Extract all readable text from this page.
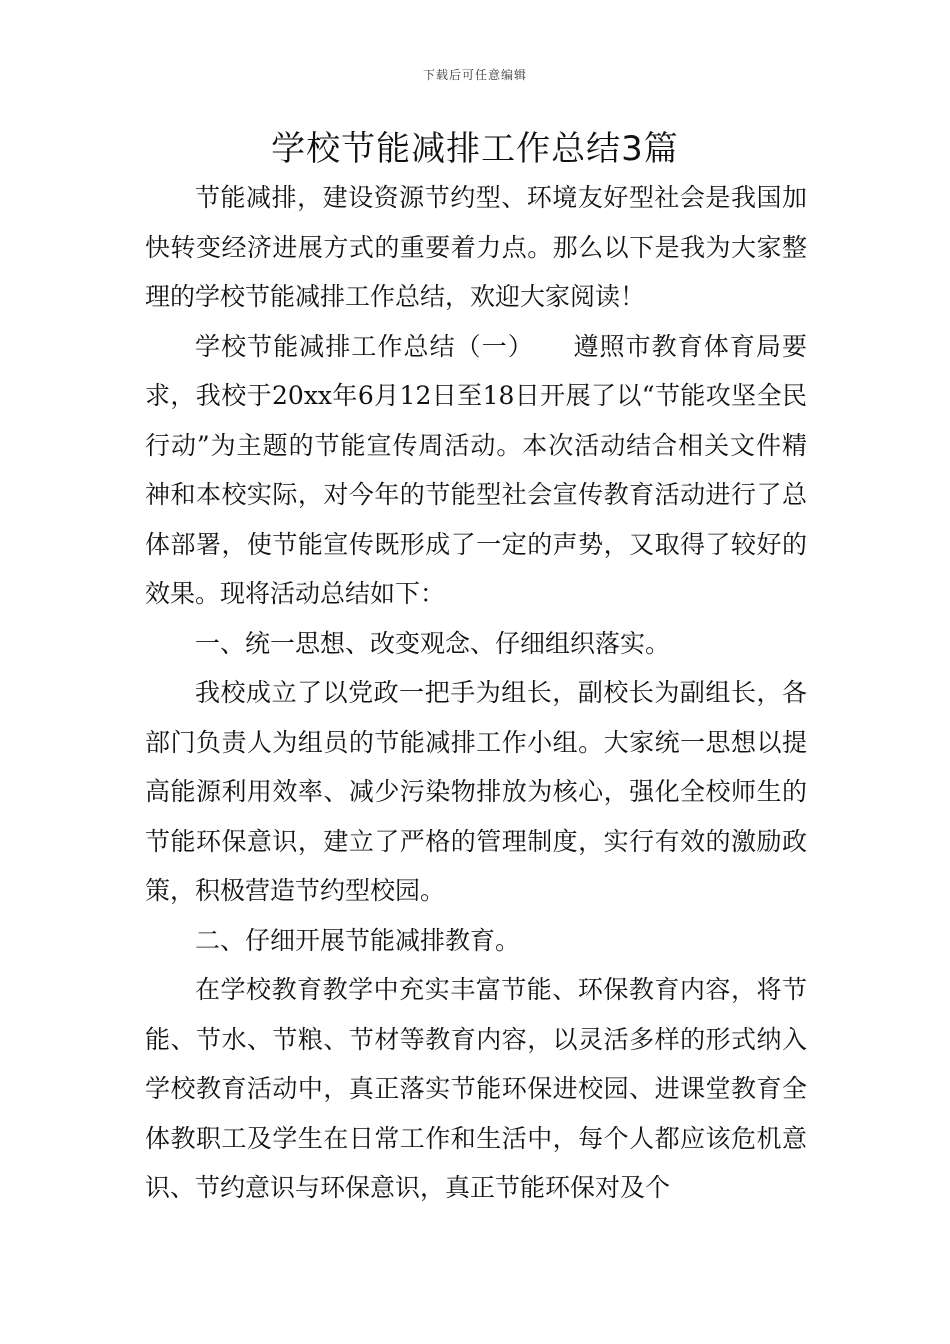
下载后可任意编辑
学校节能减排工作总结3篇

节能减排，建设资源节约型、环境友好型社会是我国加快转变经济进展方式的重要着力点。那么以下是我为大家整理的学校节能减排工作总结，欢迎大家阅读！

学校节能减排工作总结（一）　　遵照市教育体育局要求，我校于20xx年6月12日至18日开展了以“节能攻坚全民行动”为主题的节能宣传周活动。本次活动结合相关文件精神和本校实际，对今年的节能型社会宣传教育活动进行了总体部署，使节能宣传既形成了一定的声势，又取得了较好的效果。现将活动总结如下：

一、统一思想、改变观念、仔细组织落实。

我校成立了以党政一把手为组长，副校长为副组长，各部门负责人为组员的节能减排工作小组。大家统一思想以提高能源利用效率、减少污染物排放为核心，强化全校师生的节能环保意识，建立了严格的管理制度，实行有效的激励政策，积极营造节约型校园。

二、仔细开展节能减排教育。

在学校教育教学中充实丰富节能、环保教育内容，将节能、节水、节粮、节材等教育内容，以灵活多样的形式纳入学校教育活动中，真正落实节能环保进校园、进课堂教育全体教职工及学生在日常工作和生活中，每个人都应该危机意识、节约意识与环保意识，真正节能环保对及个
